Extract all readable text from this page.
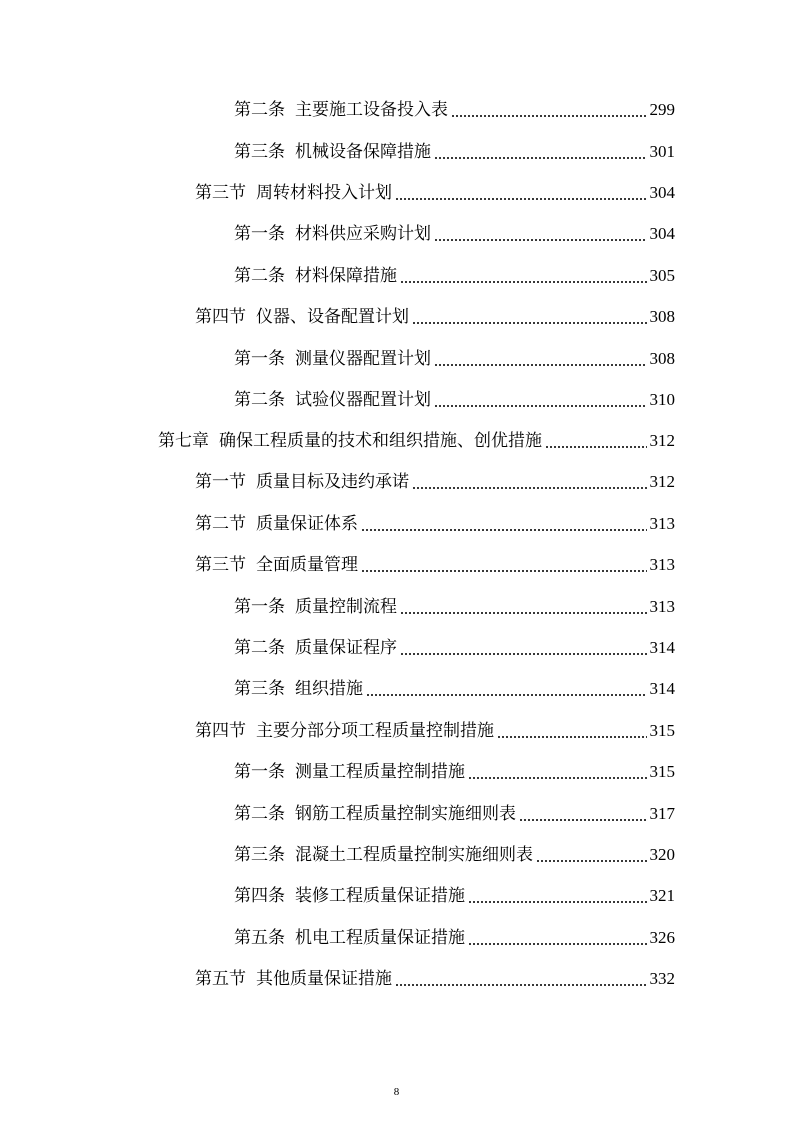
第二条 主要施工设备投入表	299
第三条 机械设备保障措施	301
第三节 周转材料投入计划	304
第一条 材料供应采购计划	304
第二条 材料保障措施	305
第四节 仪器、设备配置计划	308
第一条 测量仪器配置计划	308
第二条 试验仪器配置计划	310
第七章 确保工程质量的技术和组织措施、创优措施	312
第一节 质量目标及违约承诺	312
第二节 质量保证体系	313
第三节 全面质量管理	313
第一条 质量控制流程	313
第二条 质量保证程序	314
第三条 组织措施	314
第四节 主要分部分项工程质量控制措施	315
第一条 测量工程质量控制措施	315
第二条 钢筋工程质量控制实施细则表	317
第三条 混凝土工程质量控制实施细则表	320
第四条 装修工程质量保证措施	321
第五条 机电工程质量保证措施	326
第五节 其他质量保证措施	332
8
